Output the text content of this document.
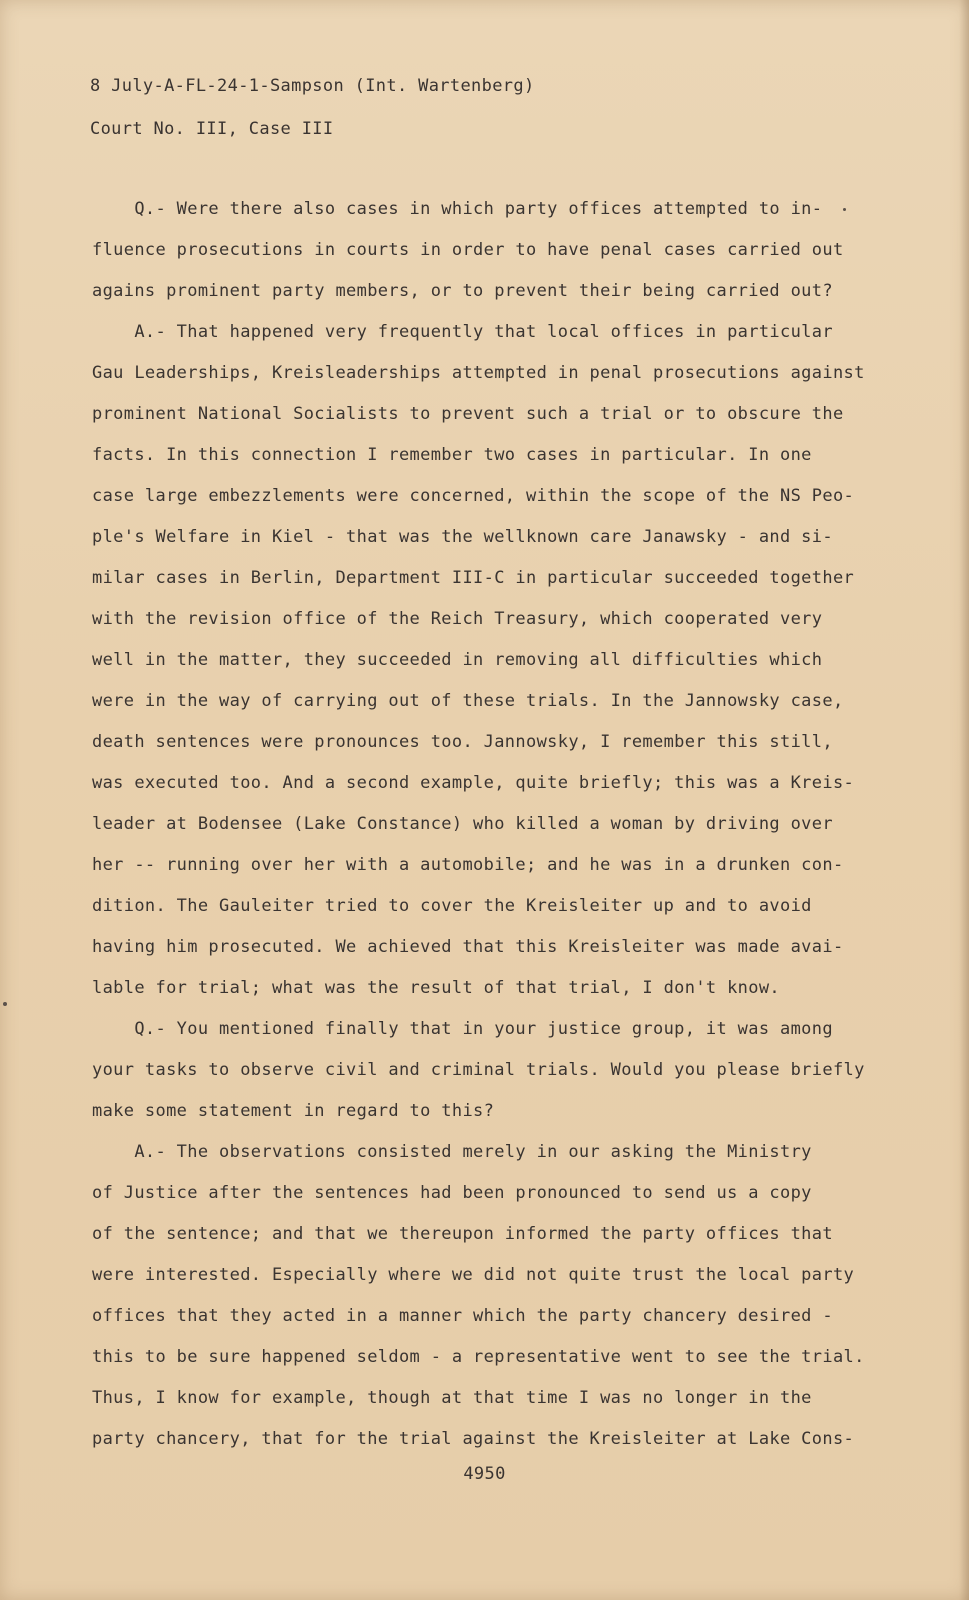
8 July-A-FL-24-1-Sampson (Int. Wartenberg)
Court No. III, Case III
Q.- Were there also cases in which party offices attempted to in-
fluence prosecutions in courts in order to have penal cases carried out
agains prominent party members, or to prevent their being carried out?
A.- That happened very frequently that local offices in particular
Gau Leaderships, Kreisleaderships attempted in penal prosecutions against
prominent National Socialists to prevent such a trial or to obscure the
facts. In this connection I remember two cases in particular. In one
case large embezzlements were concerned, within the scope of the NS Peo-
ple's Welfare in Kiel - that was the wellknown care Janawsky - and si-
milar cases in Berlin, Department III-C in particular succeeded together
with the revision office of the Reich Treasury, which cooperated very
well in the matter, they succeeded in removing all difficulties which
were in the way of carrying out of these trials. In the Jannowsky case,
death sentences were pronounces too. Jannowsky, I remember this still,
was executed too. And a second example, quite briefly; this was a Kreis-
leader at Bodensee (Lake Constance) who killed a woman by driving over
her -- running over her with a automobile; and he was in a drunken con-
dition. The Gauleiter tried to cover the Kreisleiter up and to avoid
having him prosecuted. We achieved that this Kreisleiter was made avai-
lable for trial; what was the result of that trial, I don't know.
Q.- You mentioned finally that in your justice group, it was among
your tasks to observe civil and criminal trials. Would you please briefly
make some statement in regard to this?
A.- The observations consisted merely in our asking the Ministry
of Justice after the sentences had been pronounced to send us a copy
of the sentence; and that we thereupon informed the party offices that
were interested. Especially where we did not quite trust the local party
offices that they acted in a manner which the party chancery desired -
this to be sure happened seldom - a representative went to see the trial.
Thus, I know for example, though at that time I was no longer in the
party chancery, that for the trial against the Kreisleiter at Lake Cons-
4950
